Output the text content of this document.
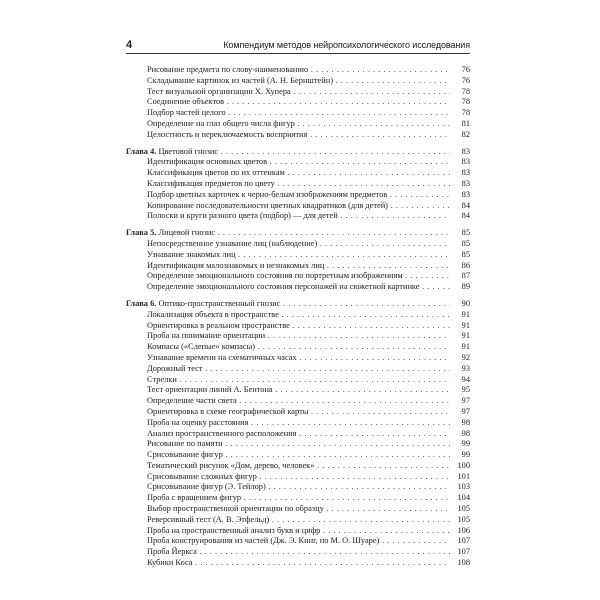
4	Компендиум методов нейропсихологического исследования
Рисование предмета по слову-наименованию . . .	76
Складывание картинок из частей (А. Н. Бернштейн) . . .	76
Тест визуальной организации Х. Хупера . . .	78
Соединение объектов . . .	78
Подбор частей целого . . .	78
Определение на глаз общего числа фигур . . .	81
Целостность и переключаемость восприятия . . .	82
Глава 4. Цветовой гнозис . . .	83
Идентификация основных цветов . . .	83
Классификация цветов по их оттенкам . . .	83
Классификация предметов по цвету . . .	83
Подбор цветных карточек к черно-белым изображениям предметов . . .	83
Копирование последовательности цветных квадратиков (для детей) . . .	84
Полоски и круги разного цвета (подбор) — для детей . . .	84
Глава 5. Лицевой гнозис . . .	85
Непосредственное узнавание лиц (наблюдение) . . .	85
Узнавание знакомых лиц . . .	85
Идентификация малознакомых и незнакомых лиц . . .	86
Определение эмоционального состояния по портретным изображениям . . .	87
Определение эмоционального состояния персонажей на сюжетной картинке . . .	89
Глава 6. Оптико-пространственный гнозис . . .	90
Локализация объекта в пространстве . . .	91
Ориентировка в реальном пространстве . . .	91
Проба на понимание ориентации . . .	91
Компасы («Слепые» компасы) . . .	91
Узнавание времени на схематичных часах . . .	92
Дорожный тест . . .	93
Стрелки . . .	94
Тест ориентации линий А. Бентона . . .	95
Определение части света . . .	97
Ориентировка в схеме географической карты . . .	97
Проба на оценку расстояния . . .	98
Анализ пространственного расположения . . .	98
Рисование по памяти . . .	99
Срисовывание фигур . . .	99
Тематический рисунок «Дом, дерево, человек» . . .	100
Срисовывание сложных фигур . . .	101
Срисовывание фигур (Э. Тейлор) . . .	103
Проба с вращением фигур . . .	104
Выбор пространственной ориентации по образцу . . .	105
Реверсивный тест (А. В. Этфельд) . . .	105
Проба на пространственный анализ букв и цифр . . .	106
Проба конструирования из частей (Дж. Э. Кинг, по М. О. Шуаре) . . .	107
Проба Йеркса . . .	107
Кубики Коса . . .	108
